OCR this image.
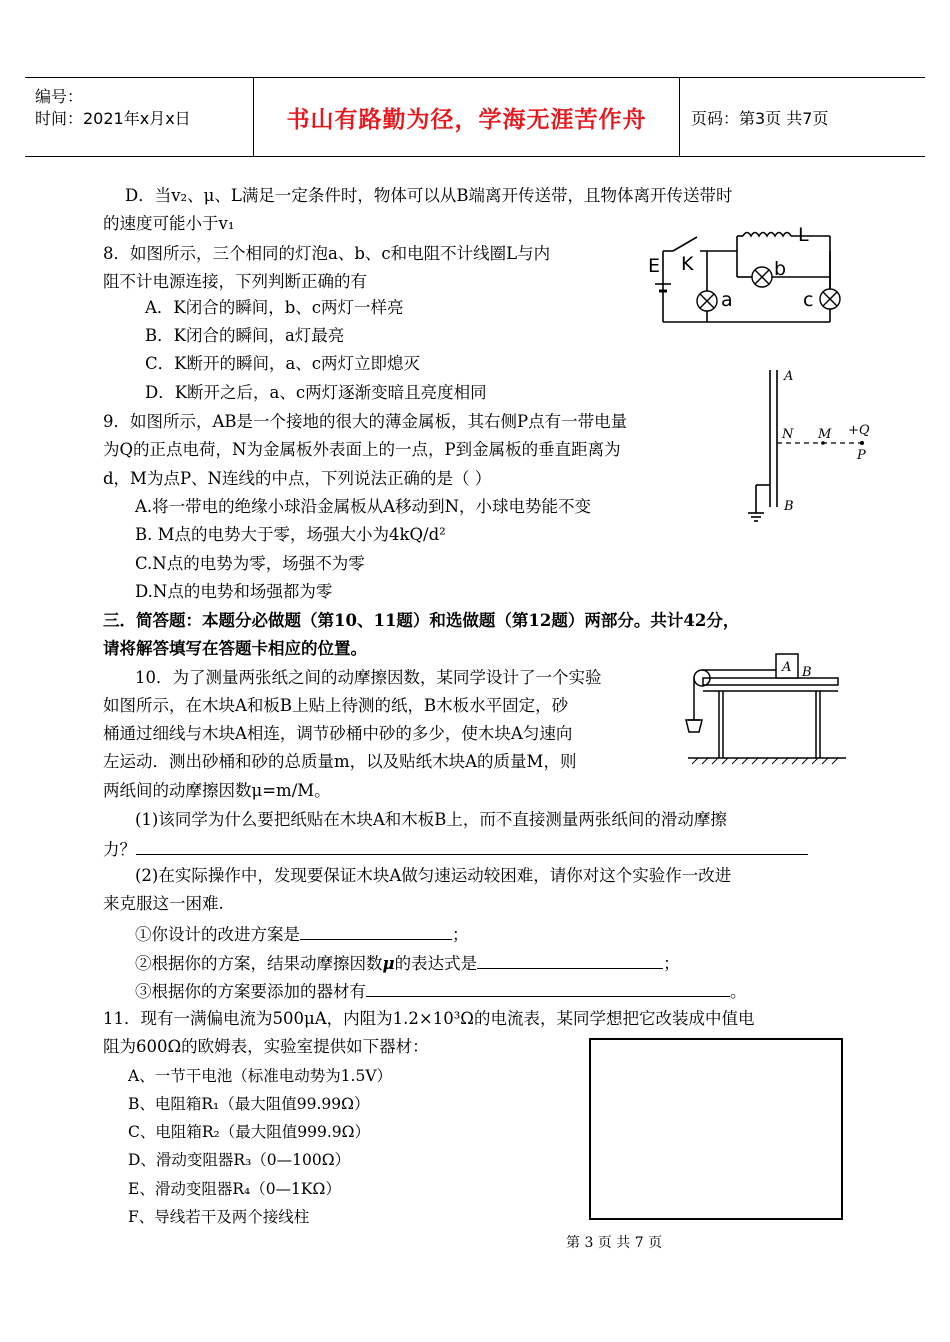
编号：
时间：2021年x月x日	书山有路勤为径，学海无涯苦作舟	页码：第3页 共7页
D．当v₂、μ、L满足一定条件时，物体可以从B端离开传送带，且物体离开传送带时
的速度可能小于v₁
8．如图所示，三个相同的灯泡a、b、c和电阻不计线圈L与内
阻不计电源连接，下列判断正确的有
A．K闭合的瞬间，b、c两灯一样亮
B．K闭合的瞬间，a灯最亮
C．K断开的瞬间，a、c两灯立即熄灭
D．K断开之后，a、c两灯逐渐变暗且亮度相同
9．如图所示，AB是一个接地的很大的薄金属板，其右侧P点有一带电量
为Q的正点电荷，N为金属板外表面上的一点，P到金属板的垂直距离为
d，M为点P、N连线的中点，下列说法正确的是（ ）
A.将一带电的绝缘小球沿金属板从A移动到N，小球电势能不变
B. M点的电势大于零，场强大小为4kQ/d²
C.N点的电势为零，场强不为零
D.N点的电势和场强都为零
三．简答题：本题分必做题（第10、11题）和选做题（第12题）两部分。共计42分，
请将解答填写在答题卡相应的位置。
10．为了测量两张纸之间的动摩擦因数，某同学设计了一个实验
如图所示，在木块A和板B上贴上待测的纸，B木板水平固定，砂
桶通过细线与木块A相连，调节砂桶中砂的多少，使木块A匀速向
左运动．测出砂桶和砂的总质量m，以及贴纸木块A的质量M，则
两纸间的动摩擦因数μ=m/M。
(1)该同学为什么要把纸贴在木块A和木板B上，而不直接测量两张纸间的滑动摩擦
力？
(2)在实际操作中，发现要保证木块A做匀速运动较困难，请你对这个实验作一改进
来克服这一困难.
①你设计的改进方案是	；
②根据你的方案，结果动摩擦因数μ的表达式是	；
③根据你的方案要添加的器材有	。
11．现有一满偏电流为500μA，内阻为1.2×10³Ω的电流表，某同学想把它改装成中值电
阻为600Ω的欧姆表，实验室提供如下器材：
A、一节干电池（标准电动势为1.5V）
B、电阻箱R₁（最大阻值99.99Ω）
C、电阻箱R₂（最大阻值999.9Ω）
D、滑动变阻器R₃（0—100Ω）
E、滑动变阻器R₄（0—1KΩ）
F、导线若干及两个接线柱
第 3 页 共 7 页
E K
L
b
a	c
A
B
N M +Q
P
A B
